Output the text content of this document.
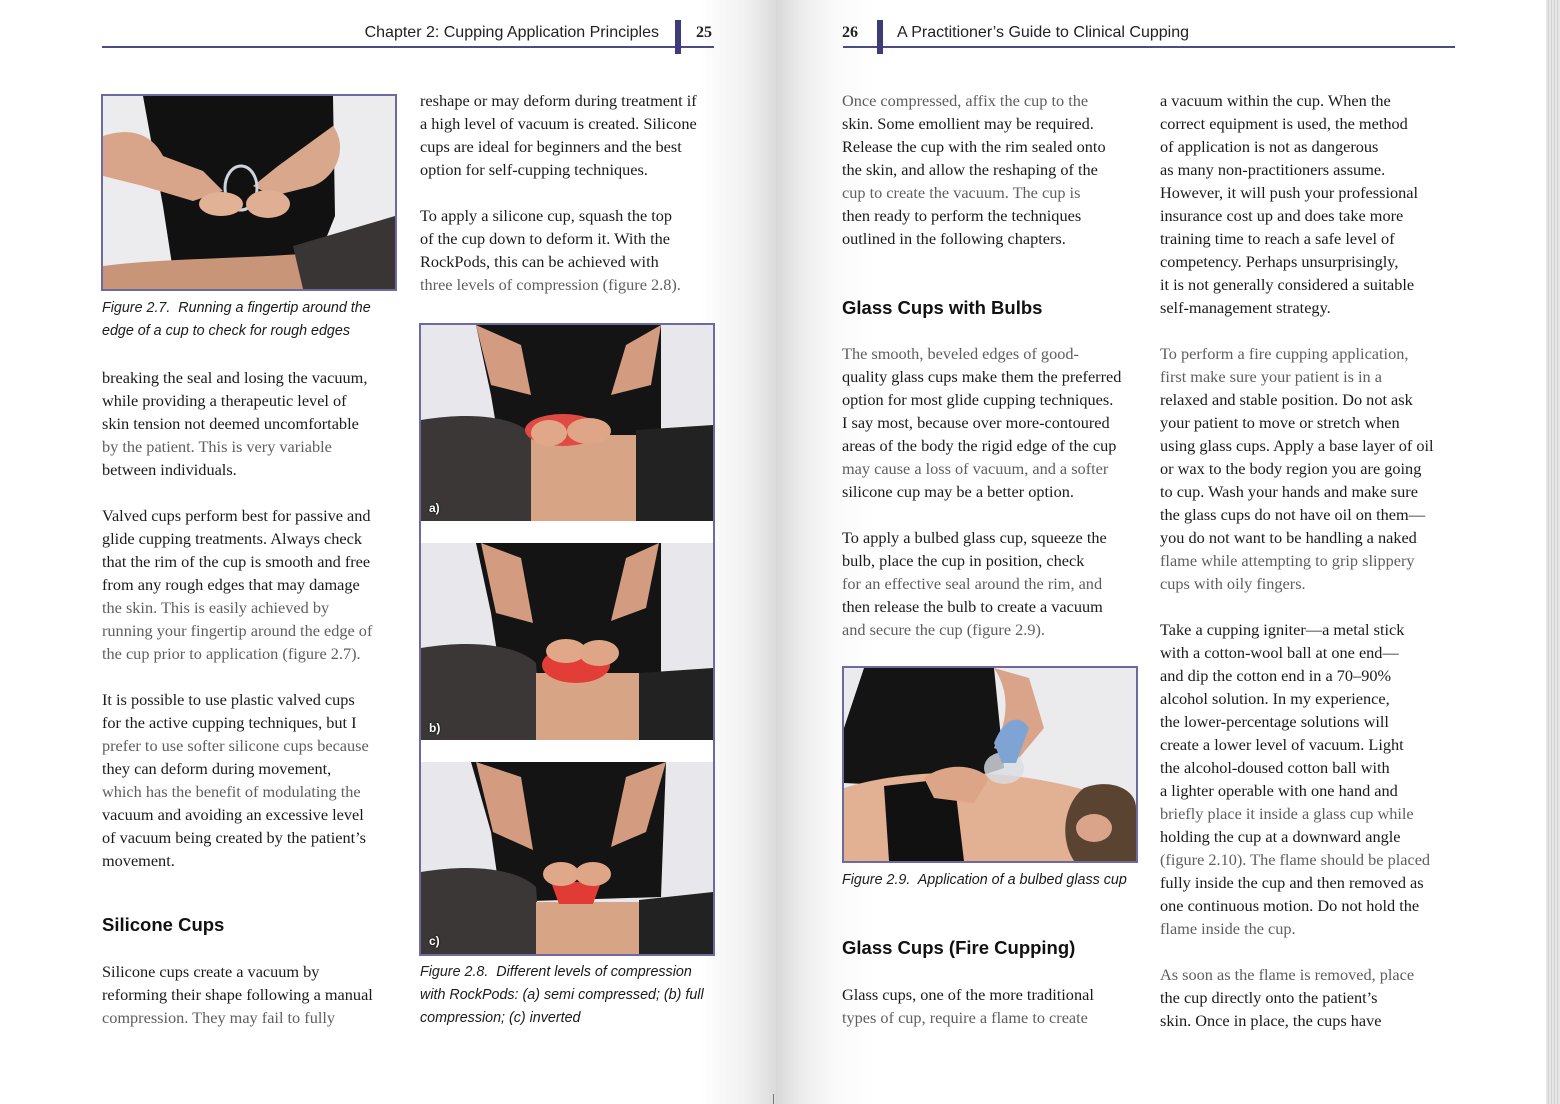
Chapter 2: Cupping Application Principles 25
Figure 2.7. Running a fingertip around the
edge of a cup to check for rough edges

breaking the seal and losing the vacuum,
while providing a therapeutic level of
skin tension not deemed uncomfortable
by the patient. This is very variable
between individuals.

Valved cups perform best for passive and
glide cupping treatments. Always check
that the rim of the cup is smooth and free
from any rough edges that may damage
the skin. This is easily achieved by
running your fingertip around the edge of
the cup prior to application (figure 2.7).

It is possible to use plastic valved cups
for the active cupping techniques, but I
prefer to use softer silicone cups because
they can deform during movement,
which has the benefit of modulating the
vacuum and avoiding an excessive level
of vacuum being created by the patient’s
movement.

Silicone Cups

Silicone cups create a vacuum by
reforming their shape following a manual
compression. They may fail to fully

reshape or may deform during treatment if
a high level of vacuum is created. Silicone
cups are ideal for beginners and the best
option for self-cupping techniques.

To apply a silicone cup, squash the top
of the cup down to deform it. With the
RockPods, this can be achieved with
three levels of compression (figure 2.8).

a)
b)
c)
Figure 2.8. Different levels of compression
with RockPods: (a) semi compressed; (b) full
compression; (c) inverted
26 A Practitioner’s Guide to Clinical Cupping

Once compressed, affix the cup to the
skin. Some emollient may be required.
Release the cup with the rim sealed onto
the skin, and allow the reshaping of the
cup to create the vacuum. The cup is
then ready to perform the techniques
outlined in the following chapters.

Glass Cups with Bulbs

The smooth, beveled edges of good-
quality glass cups make them the preferred
option for most glide cupping techniques.
I say most, because over more-contoured
areas of the body the rigid edge of the cup
may cause a loss of vacuum, and a softer
silicone cup may be a better option.

To apply a bulbed glass cup, squeeze the
bulb, place the cup in position, check
for an effective seal around the rim, and
then release the bulb to create a vacuum
and secure the cup (figure 2.9).

Figure 2.9. Application of a bulbed glass cup
Glass Cups (Fire Cupping)

Glass cups, one of the more traditional
types of cup, require a flame to create

a vacuum within the cup. When the
correct equipment is used, the method
of application is not as dangerous
as many non-practitioners assume.
However, it will push your professional
insurance cost up and does take more
training time to reach a safe level of
competency. Perhaps unsurprisingly,
it is not generally considered a suitable
self-management strategy.

To perform a fire cupping application,
first make sure your patient is in a
relaxed and stable position. Do not ask
your patient to move or stretch when
using glass cups. Apply a base layer of oil
or wax to the body region you are going
to cup. Wash your hands and make sure
the glass cups do not have oil on them—
you do not want to be handling a naked
flame while attempting to grip slippery
cups with oily fingers.

Take a cupping igniter—a metal stick
with a cotton-wool ball at one end—
and dip the cotton end in a 70–90%
alcohol solution. In my experience,
the lower-percentage solutions will
create a lower level of vacuum. Light
the alcohol-doused cotton ball with
a lighter operable with one hand and
briefly place it inside a glass cup while
holding the cup at a downward angle
(figure 2.10). The flame should be placed
fully inside the cup and then removed as
one continuous motion. Do not hold the
flame inside the cup.

As soon as the flame is removed, place
the cup directly onto the patient’s
skin. Once in place, the cups have
